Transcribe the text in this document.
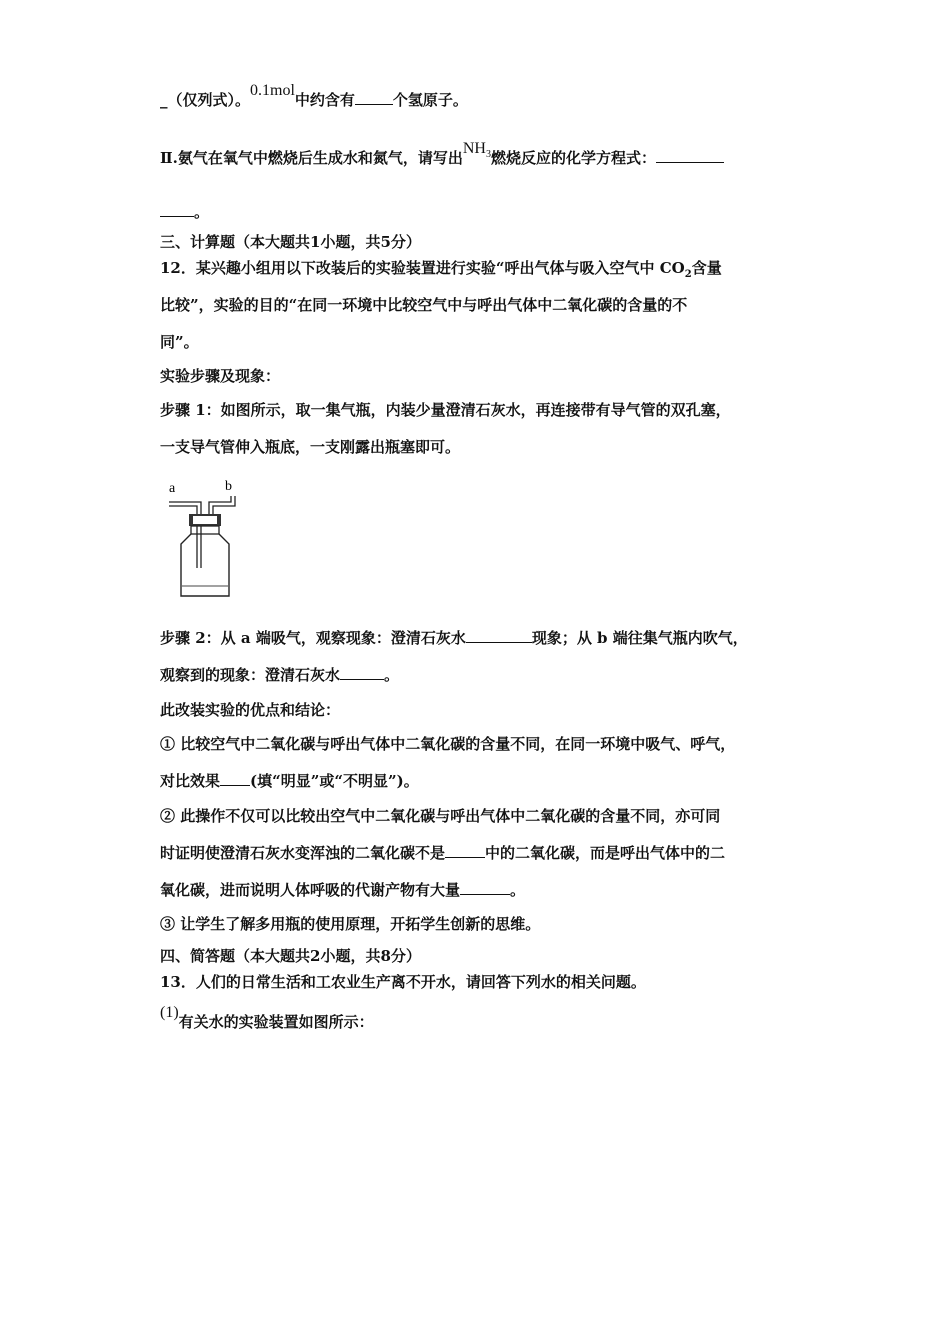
_（仅列式）。0.1mol中约含有	个氢原子。
Ⅱ.氨气在氧气中燃烧后生成水和氮气，请写出$NH_3$燃烧反应的化学方程式：
。
三、计算题（本大题共1小题，共5分）
12．某兴趣小组用以下改装后的实验装置进行实验“呼出气体与吸入空气中 $CO_2$含量
比较”，实验的目的“在同一环境中比较空气中与呼出气体中二氧化碳的含量的不
同”。
实验步骤及现象：
步骤 1：如图所示，取一集气瓶，内装少量澄清石灰水，再连接带有导气管的双孔塞，
一支导气管伸入瓶底，一支刚露出瓶塞即可。
a	b
步骤 2：从 a 端吸气，观察现象：澄清石灰水	现象；从 b 端往集气瓶内吹气，
观察到的现象：澄清石灰水	。
此改装实验的优点和结论：
① 比较空气中二氧化碳与呼出气体中二氧化碳的含量不同，在同一环境中吸气、呼气，
对比效果 (填“明显”或“不明显”)。
② 此操作不仅可以比较出空气中二氧化碳与呼出气体中二氧化碳的含量不同，亦可同
时证明使澄清石灰水变浑浊的二氧化碳不是	中的二氧化碳，而是呼出气体中的二
氧化碳，进而说明人体呼吸的代谢产物有大量	。
③ 让学生了解多用瓶的使用原理，开拓学生创新的思维。
四、简答题（本大题共2小题，共8分）
13．人们的日常生活和工农业生产离不开水，请回答下列水的相关问题。
(1)有关水的实验装置如图所示：
